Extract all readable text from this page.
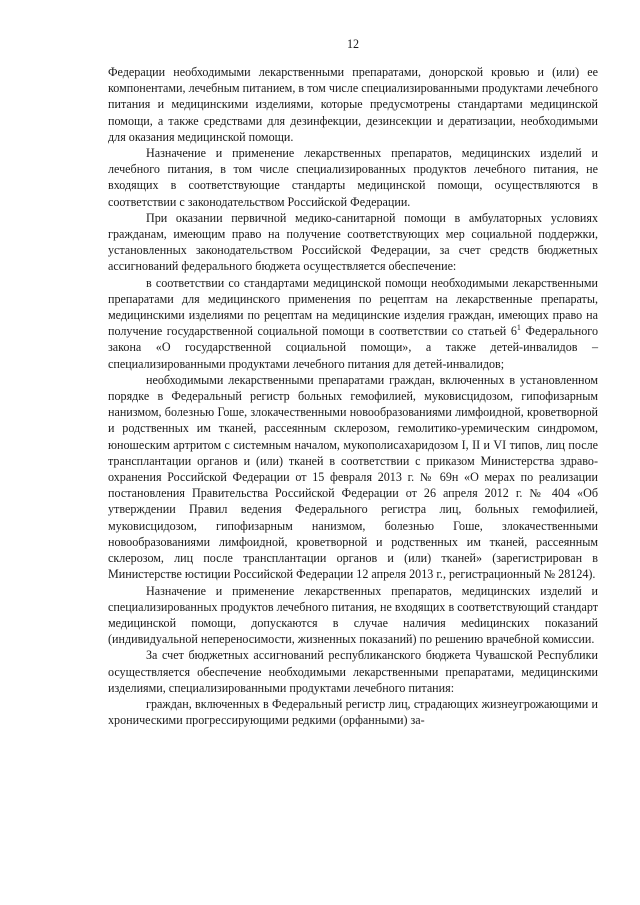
12

Федерации необходимыми лекарственными препаратами, донорской кровью и (или) ее компонентами, лечебным питанием, в том числе специализированными продуктами лечебного питания и медицинскими изделиями, которые предусмотрены стандартами медицинской помощи, а также средствами для дезинфекции, дезинсекции и дератизации, необходимыми для оказания медицинской помощи.

Назначение и применение лекарственных препаратов, медицинских изделий и лечебного питания, в том числе специализированных продуктов лечебного питания, не входящих в соответствующие стандарты медицинской помощи, осуществляются в соответствии с законодательством Российской Федерации.

При оказании первичной медико-санитарной помощи в амбулаторных условиях гражданам, имеющим право на получение соответствующих мер социальной поддержки, установленных законодательством Российской Федерации, за счет средств бюджетных ассигнований федерального бюджета осуществляется обеспечение:

в соответствии со стандартами медицинской помощи необходимыми лекарственными препаратами для медицинского применения по рецептам на лекарственные препараты, медицинскими изделиями по рецептам на медицинские изделия граждан, имеющих право на получение государственной социальной помощи в соответствии со статьей $6^1$ Федерального закона «О государственной социальной помощи», а также детей-инвалидов – специализированными продуктами лечебного питания для детей-инвалидов;

необходимыми лекарственными препаратами граждан, включенных в установленном порядке в Федеральный регистр больных гемофилией, муковисцидозом, гипофизарным нанизмом, болезнью Гоше, злокачественными новообразованиями лимфоидной, кроветворной и родственных им тканей, рассеянным склерозом, гемолитико-уремическим синдромом, юношеским артритом с системным началом, мукополисахаридозом I, II и VI типов, лиц после трансплантации органов и (или) тканей в соответствии с приказом Министерства здравоохранения Российской Федерации от 15 февраля 2013 г. № 69н «О мерах по реализации постановления Правительства Российской Федерации от 26 апреля 2012 г. № 404 «Об утверждении Правил ведения Федерального регистра лиц, больных гемофилией, муковисцидозом, гипофизарным нанизмом, болезнью Гоше, злокачественными новообразованиями лимфоидной, кроветворной и родственных им тканей, рассеянным склерозом, лиц после трансплантации органов и (или) тканей» (зарегистрирован в Министерстве юстиции Российской Федерации 12 апреля 2013 г., регистрационный № 28124).

Назначение и применение лекарственных препаратов, медицинских изделий и специализированных продуктов лечебного питания, не входящих в соответствующий стандарт медицинской помощи, допускаются в случае наличия меdицинских показаний (индивидуальной непереносимости, жизненных показаний) по решению врачебной комиссии.

За счет бюджетных ассигнований республиканского бюджета Чувашской Республики осуществляется обеспечение необходимыми лекарственными препаратами, медицинскими изделиями, специализированными продуктами лечебного питания:

граждан, включенных в Федеральный регистр лиц, страдающих жизнеугрожающими и хроническими прогрессирующими редкими (орфанными) за-
